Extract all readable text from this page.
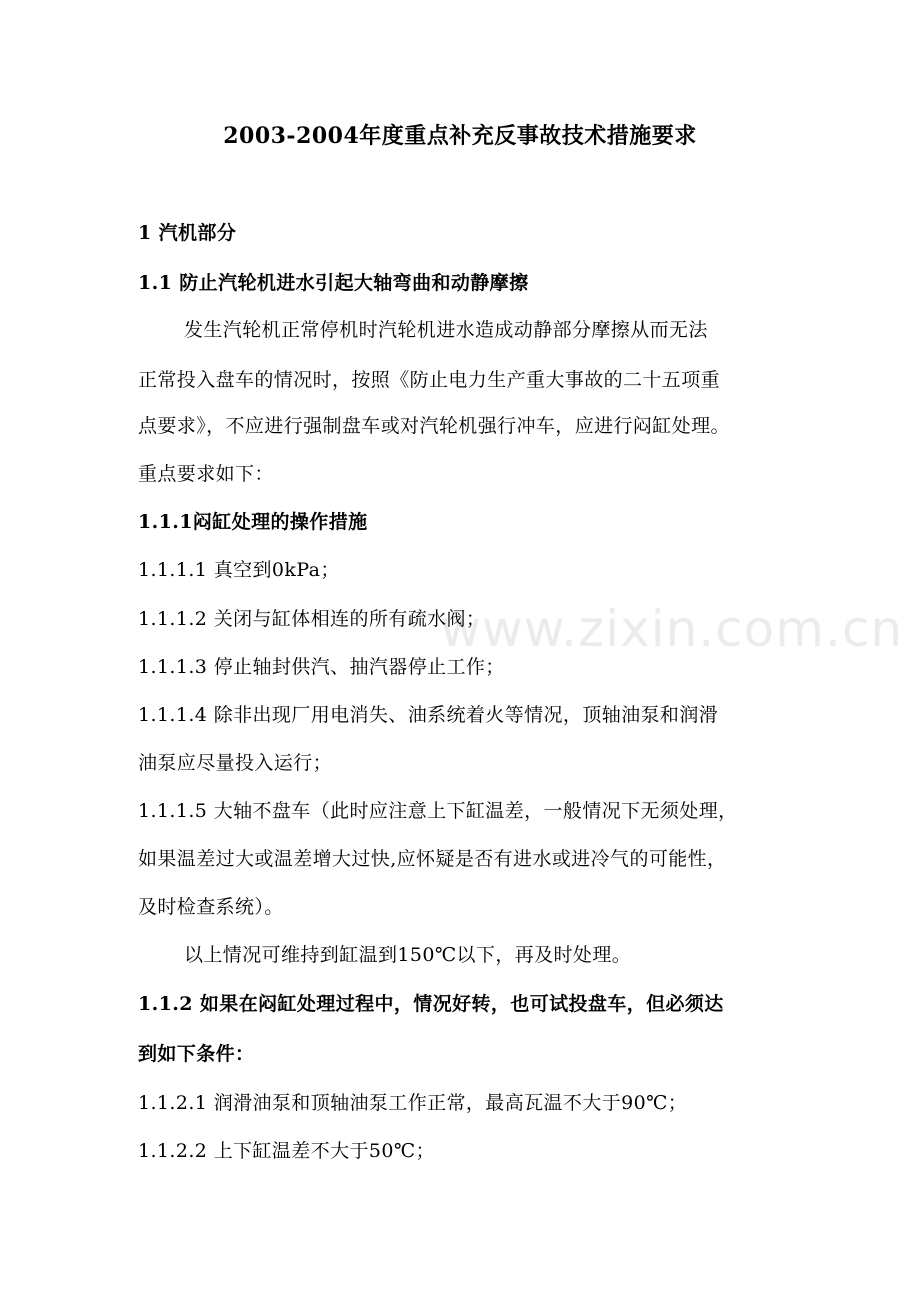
www.zixin.com.cn
2003-2004年度重点补充反事故技术措施要求
1 汽机部分
1.1 防止汽轮机进水引起大轴弯曲和动静摩擦
发生汽轮机正常停机时汽轮机进水造成动静部分摩擦从而无法
正常投入盘车的情况时，按照《防止电力生产重大事故的二十五项重
点要求》，不应进行强制盘车或对汽轮机强行冲车，应进行闷缸处理。
重点要求如下：
1.1.1闷缸处理的操作措施
1.1.1.1 真空到0kPa；
1.1.1.2 关闭与缸体相连的所有疏水阀；
1.1.1.3 停止轴封供汽、抽汽器停止工作；
1.1.1.4 除非出现厂用电消失、油系统着火等情况，顶轴油泵和润滑
油泵应尽量投入运行；
1.1.1.5 大轴不盘车（此时应注意上下缸温差，一般情况下无须处理，
如果温差过大或温差增大过快,应怀疑是否有进水或进冷气的可能性，
及时检查系统）。
以上情况可维持到缸温到150℃以下，再及时处理。
1.1.2 如果在闷缸处理过程中，情况好转，也可试投盘车，但必须达
到如下条件：
1.1.2.1 润滑油泵和顶轴油泵工作正常，最高瓦温不大于90℃；
1.1.2.2 上下缸温差不大于50℃；
